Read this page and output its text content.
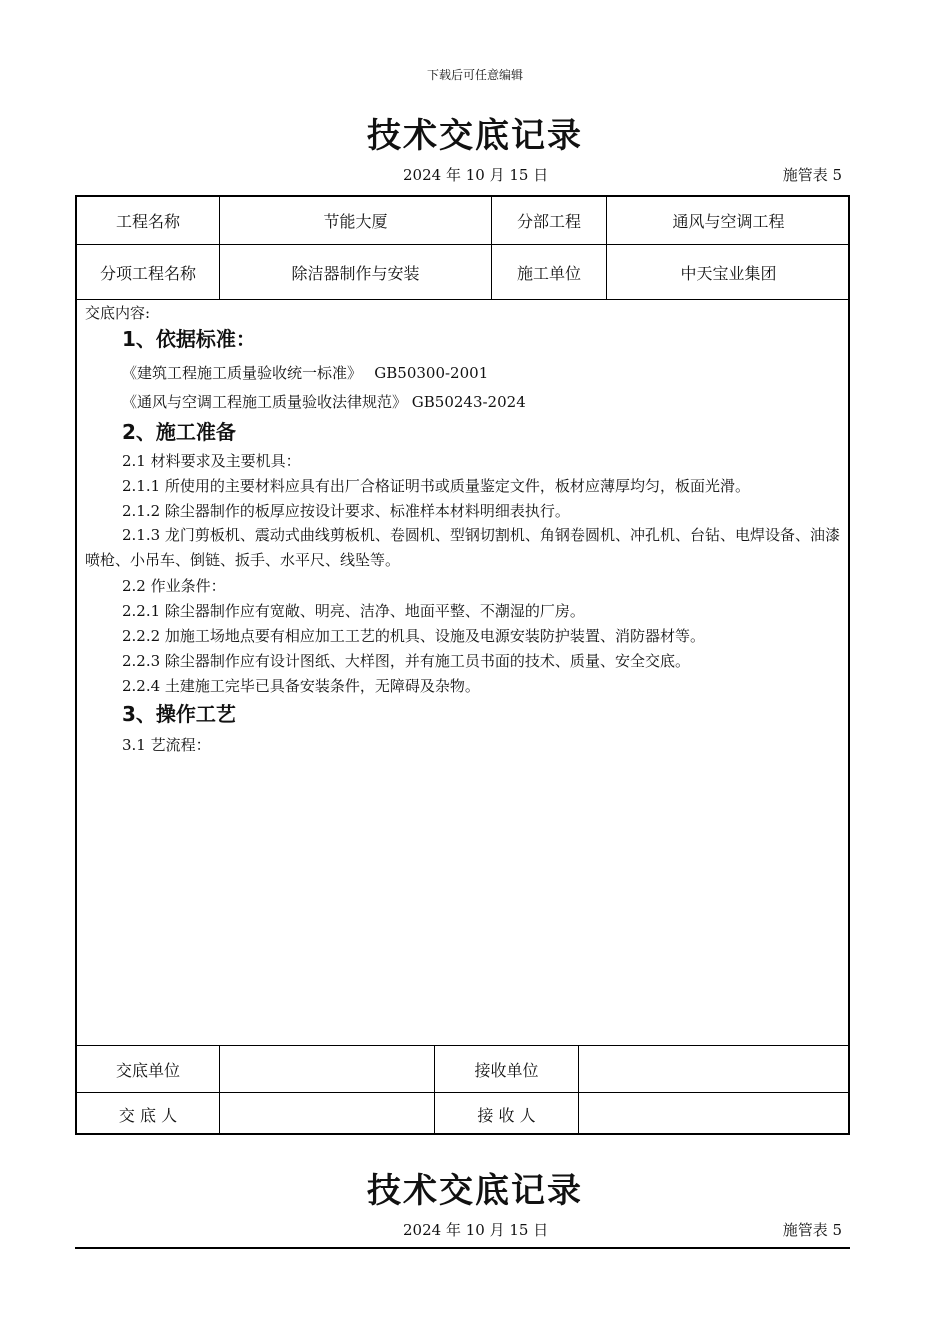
下载后可任意编辑
技术交底记录
2024 年 10 月 15 日	施管表 5
工程名称	节能大厦	分部工程	通风与空调工程
分项工程名称	除洁器制作与安装	施工单位	中天宝业集团
交底内容:
1、依据标准：
《建筑工程施工质量验收统一标准》　 GB50300-2001
《通风与空调工程施工质量验收法律规范》 GB50243-2024
2、施工准备
2.1 材料要求及主要机具：
2.1.1 所使用的主要材料应具有出厂合格证明书或质量鉴定文件，板材应薄厚均匀，板面光滑。
2.1.2 除尘器制作的板厚应按设计要求、标准样本材料明细表执行。
2.1.3 龙门剪板机、震动式曲线剪板机、卷圆机、型钢切割机、角钢卷圆机、冲孔机、台钻、电焊设备、油漆喷枪、小吊车、倒链、扳手、水平尺、线坠等。
2.2 作业条件：
2.2.1 除尘器制作应有宽敞、明亮、洁净、地面平整、不潮湿的厂房。
2.2.2 加施工场地点要有相应加工工艺的机具、设施及电源安装防护装置、消防器材等。
2.2.3 除尘器制作应有设计图纸、大样图，并有施工员书面的技术、质量、安全交底。
2.2.4 土建施工完毕已具备安装条件，无障碍及杂物。
3、操作工艺
3.1 艺流程：
交底单位	接收单位
交 底 人	接 收 人
技术交底记录
2024 年 10 月 15 日	施管表 5
